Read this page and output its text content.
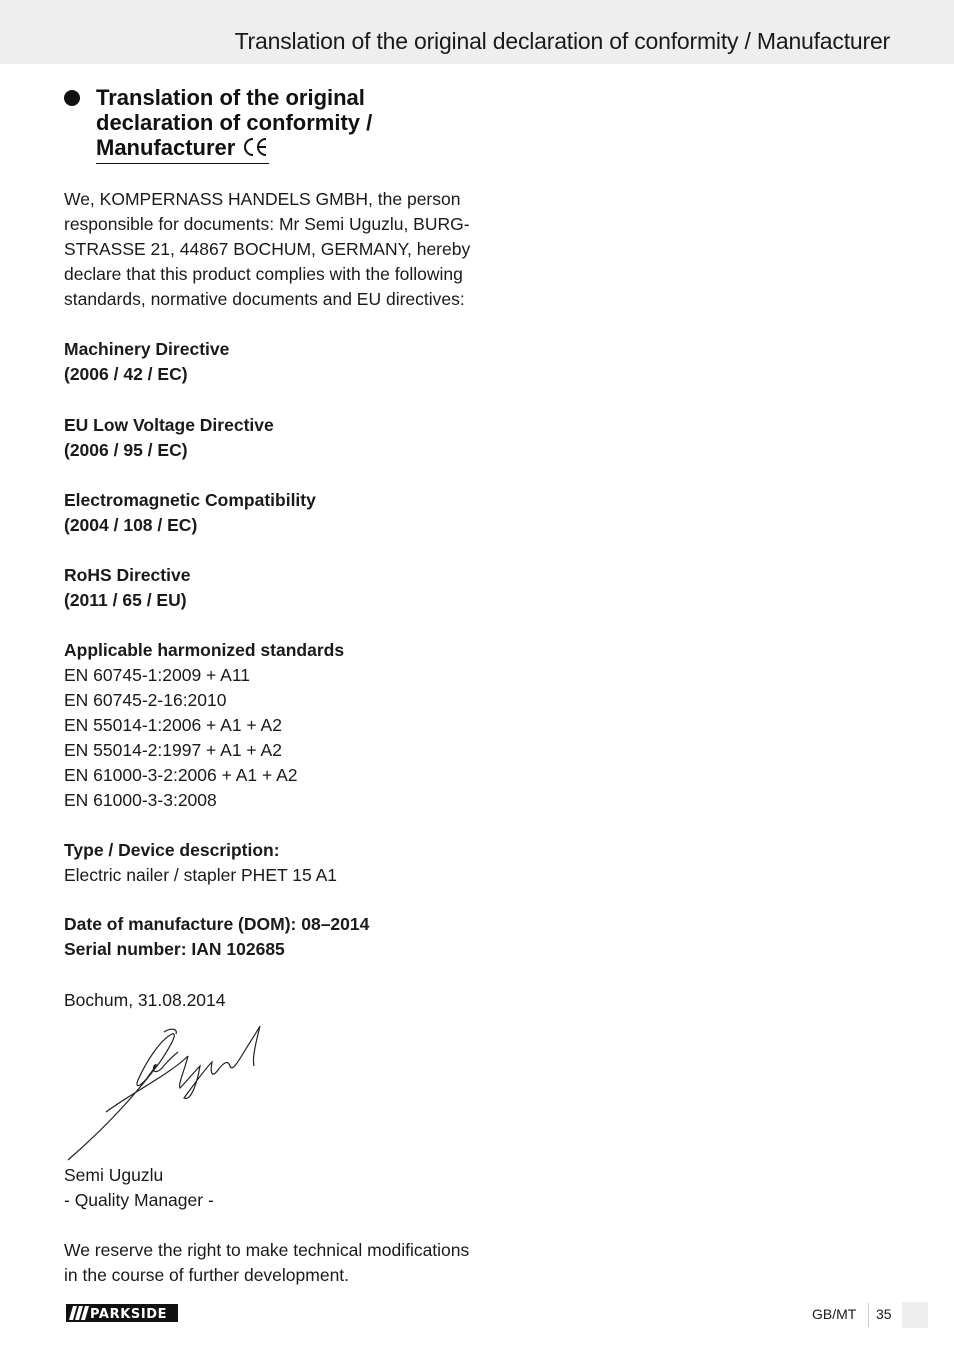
Translation of the original declaration of conformity / Manufacturer
Translation of the original
declaration of conformity /
Manufacturer

We, KOMPERNASS HANDELS GMBH, the person

responsible for documents: Mr Semi Uguzlu, BURG-

STRASSE 21, 44867 BOCHUM, GERMANY, hereby

declare that this product complies with the following

standards, normative documents and EU directives:

Machinery Directive

(2006 / 42 / EC)

EU Low Voltage Directive

(2006 / 95 / EC)

Electromagnetic Compatibility

(2004 / 108 / EC)

RoHS Directive

(2011 / 65 / EU)

Applicable harmonized standards

EN 60745-1:2009 + A11

EN 60745-2-16:2010

EN 55014-1:2006 + A1 + A2

EN 55014-2:1997 + A1 + A2

EN 61000-3-2:2006 + A1 + A2

EN 61000-3-3:2008

Type / Device description:

Electric nailer / stapler PHET 15 A1

Date of manufacture (DOM): 08–2014

Serial number: IAN 102685

Bochum, 31.08.2014

Semi Uguzlu

- Quality Manager -

We reserve the right to make technical modifications

in the course of further development.

PARKSIDE	GB/MT 35
